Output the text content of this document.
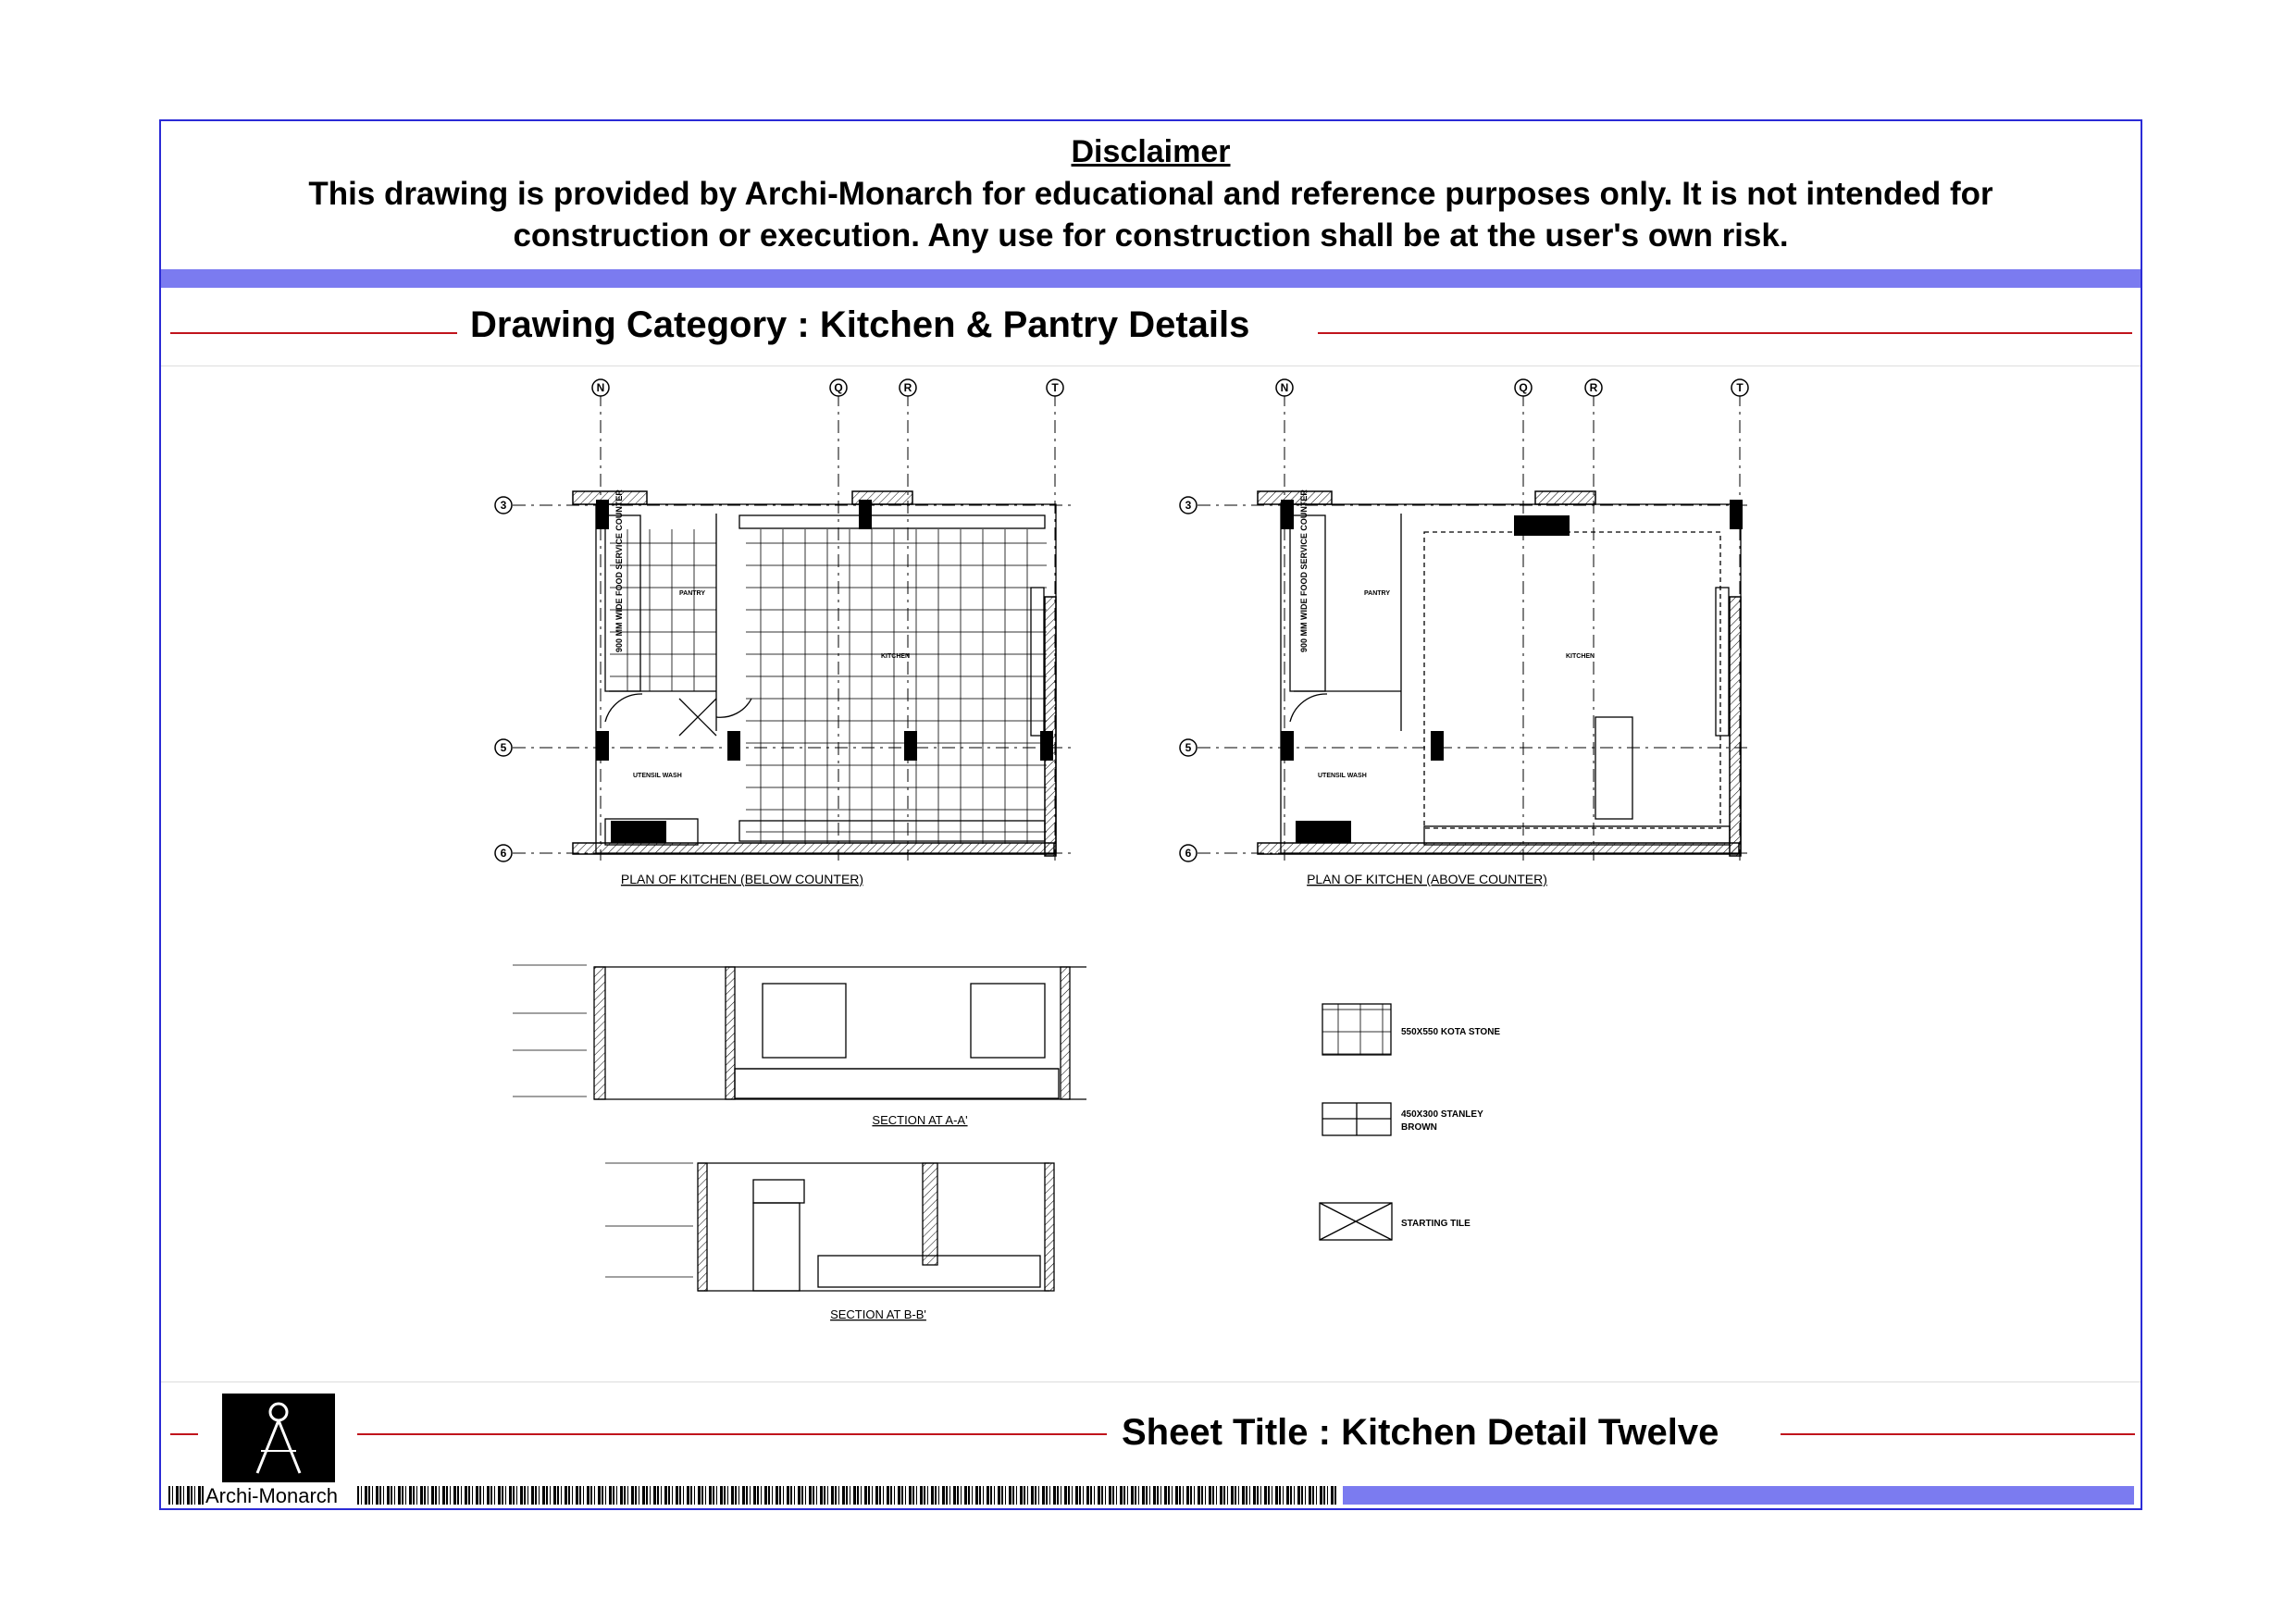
Disclaimer
This drawing is provided by Archi-Monarch for educational and reference purposes only. It is not intended for
construction or execution. Any use for construction shall be at the user's own risk.
Drawing Category : Kitchen & Pantry Details
N	Q	R	T
3
5
6
PANTRY
KITCHEN
UTENSIL WASH
900 MM WIDE FOOD SERVICE COUNTER
PLAN OF KITCHEN (BELOW COUNTER)
N	Q	R	T
3
5
6
PANTRY
KITCHEN
UTENSIL WASH
900 MM WIDE FOOD SERVICE COUNTER
PLAN OF KITCHEN (ABOVE COUNTER)
SECTION AT A-A'
SECTION AT B-B'
550X550 KOTA STONE
450X300 STANLEY
BROWN
STARTING TILE
Sheet Title : Kitchen Detail Twelve
Archi-Monarch
